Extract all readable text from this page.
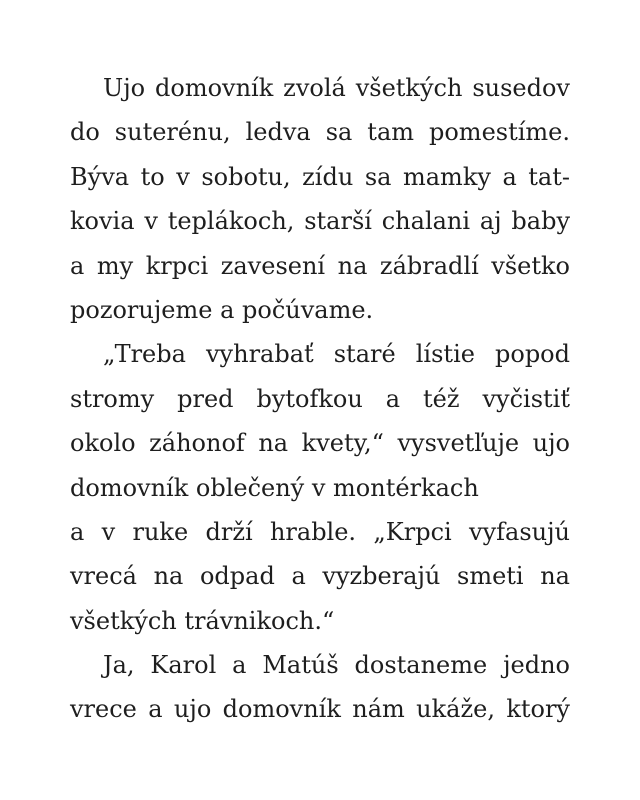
Ujo domovník zvolá všetkých susedov
do suterénu, ledva sa tam pomestíme.
Býva to v sobotu, zídu sa mamky a tat-
kovia v teplákoch, starší chalani aj baby
a my krpci zavesení na zábradlí všetko
pozorujeme a počúvame.
„Treba vyhrabať staré lístie popod
stromy pred bytofkou a též vyčistiť
okolo záhonof na kvety,“ vysvetľuje ujo
domovník oblečený v montérkach
a v ruke drží hrable. „Krpci vyfasujú
vrecá na odpad a vyzberajú smeti na
všetkých trávnikoch.“
Ja, Karol a Matúš dostaneme jedno
vrece a ujo domovník nám ukáže, ktorý
